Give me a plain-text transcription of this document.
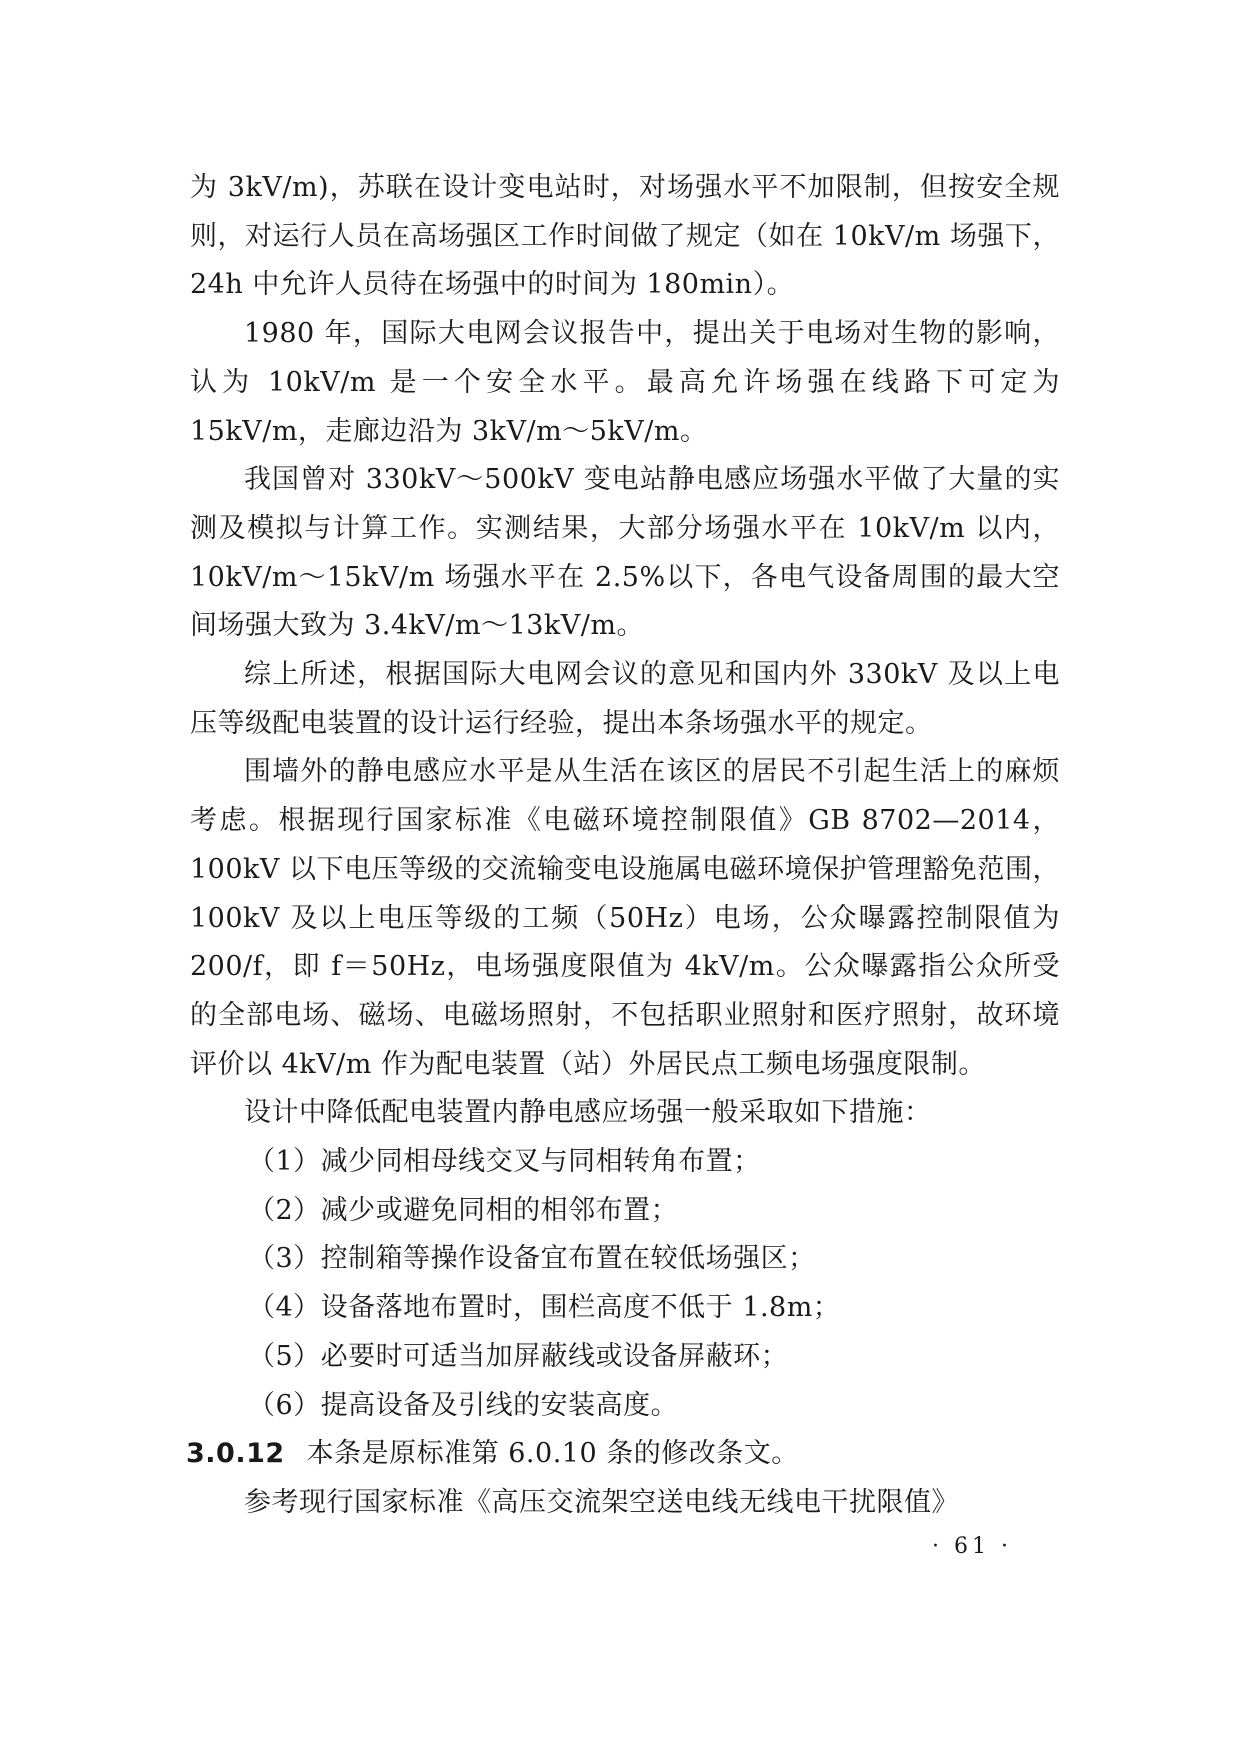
为 3kV/m)，苏联在设计变电站时，对场强水平不加限制，但按安全规则，对运行人员在高场强区工作时间做了规定（如在 10kV/m 场强下，24h 中允许人员待在场强中的时间为 180min）。

1980 年，国际大电网会议报告中，提出关于电场对生物的影响，认为 10kV/m 是一个安全水平。最高允许场强在线路下可定为 15kV/m，走廊边沿为 3kV/m～5kV/m。

我国曾对 330kV～500kV 变电站静电感应场强水平做了大量的实测及模拟与计算工作。实测结果，大部分场强水平在 10kV/m 以内，10kV/m～15kV/m 场强水平在 2.5%以下，各电气设备周围的最大空间场强大致为 3.4kV/m～13kV/m。

综上所述，根据国际大电网会议的意见和国内外 330kV 及以上电压等级配电装置的设计运行经验，提出本条场强水平的规定。

围墙外的静电感应水平是从生活在该区的居民不引起生活上的麻烦考虑。根据现行国家标准《电磁环境控制限值》GB 8702—2014，100kV 以下电压等级的交流输变电设施属电磁环境保护管理豁免范围，100kV 及以上电压等级的工频（50Hz）电场，公众曝露控制限值为 200/f，即 f＝50Hz，电场强度限值为 4kV/m。公众曝露指公众所受的全部电场、磁场、电磁场照射，不包括职业照射和医疗照射，故环境评价以 4kV/m 作为配电装置（站）外居民点工频电场强度限制。

设计中降低配电装置内静电感应场强一般采取如下措施：

（1）减少同相母线交叉与同相转角布置；

（2）减少或避免同相的相邻布置；

（3）控制箱等操作设备宜布置在较低场强区；

（4）设备落地布置时，围栏高度不低于 1.8m；

（5）必要时可适当加屏蔽线或设备屏蔽环；

（6）提高设备及引线的安装高度。

3.0.12 本条是原标准第 6.0.10 条的修改条文。

参考现行国家标准《高压交流架空送电线无线电干扰限值》

· 61 ·
